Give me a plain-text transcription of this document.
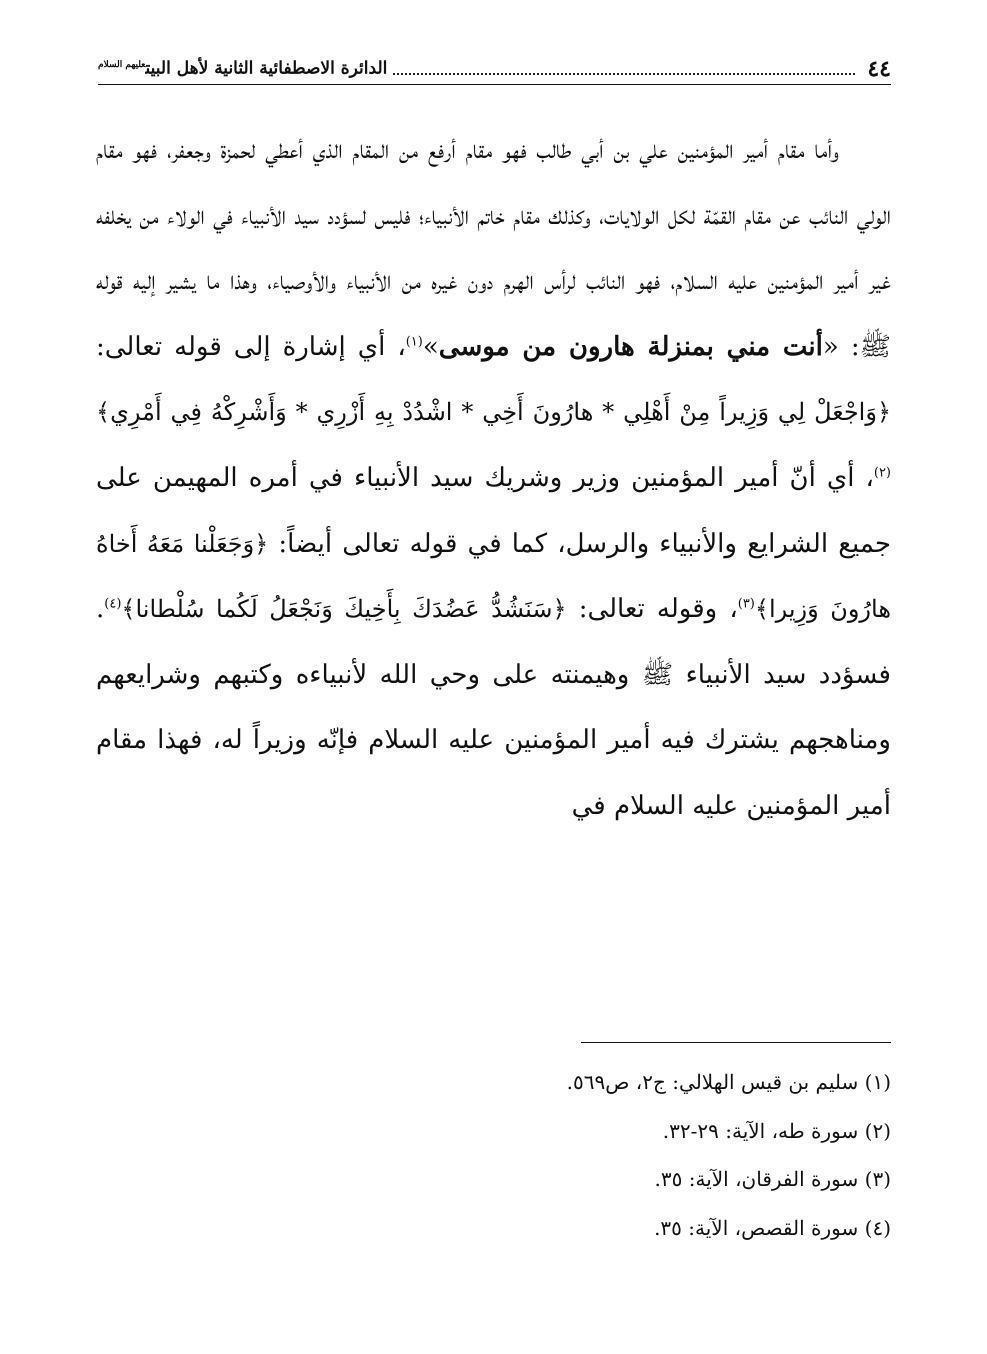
٤٤
الدائرة الاصطفائية الثانية لأهل البيت$^{عليهم السلام}$

وأما مقام أمير المؤمنين علي بن أبي طالب فهو مقام أرفع من المقام الذي أعطي لحمزة وجعفر، فهو مقام الولي النائب عن مقام القمّة لكل الولايات، وكذلك مقام خاتم الأنبياء؛ فليس لسؤدد سيد الأنبياء في الولاء من يخلفه غير أمير المؤمنين عليه السلام، فهو النائب لرأس الهرم دون غيره من الأنبياء والأوصياء، وهذا ما يشير إليه قوله ﷺ: «أنت مني بمنزلة هارون من موسى»$^{(١)}$، أي إشارة إلى قوله تعالى: ﴿وَاجْعَلْ لِي وَزِيراً مِنْ أَهْلِي * هارُونَ أَخِي * اشْدُدْ بِهِ أَزْرِي * وَأَشْرِكْهُ فِي أَمْرِي﴾$^{(٢)}$، أي أنّ أمير المؤمنين وزير وشريك سيد الأنبياء في أمره المهيمن على جميع الشرايع والأنبياء والرسل، كما في قوله تعالى أيضاً: ﴿وَجَعَلْنا مَعَهُ أَخاهُ هارُونَ وَزِيرا﴾$^{(٣)}$، وقوله تعالى: ﴿سَنَشُدُّ عَضُدَكَ بِأَخِيكَ وَنَجْعَلُ لَكُما سُلْطانا﴾$^{(٤)}$. فسؤدد سيد الأنبياء ﷺ وهيمنته على وحي الله لأنبياءه وكتبهم وشرايعهم ومناهجهم يشترك فيه أمير المؤمنين عليه السلام فإنّه وزيراً له، فهذا مقام أمير المؤمنين عليه السلام في

(١) سليم بن قيس الهلالي: ج٢، ص٥٦٩.
(٢) سورة طه، الآية: ٢٩-٣٢.
(٣) سورة الفرقان، الآية: ٣٥.
(٤) سورة القصص، الآية: ٣٥.
